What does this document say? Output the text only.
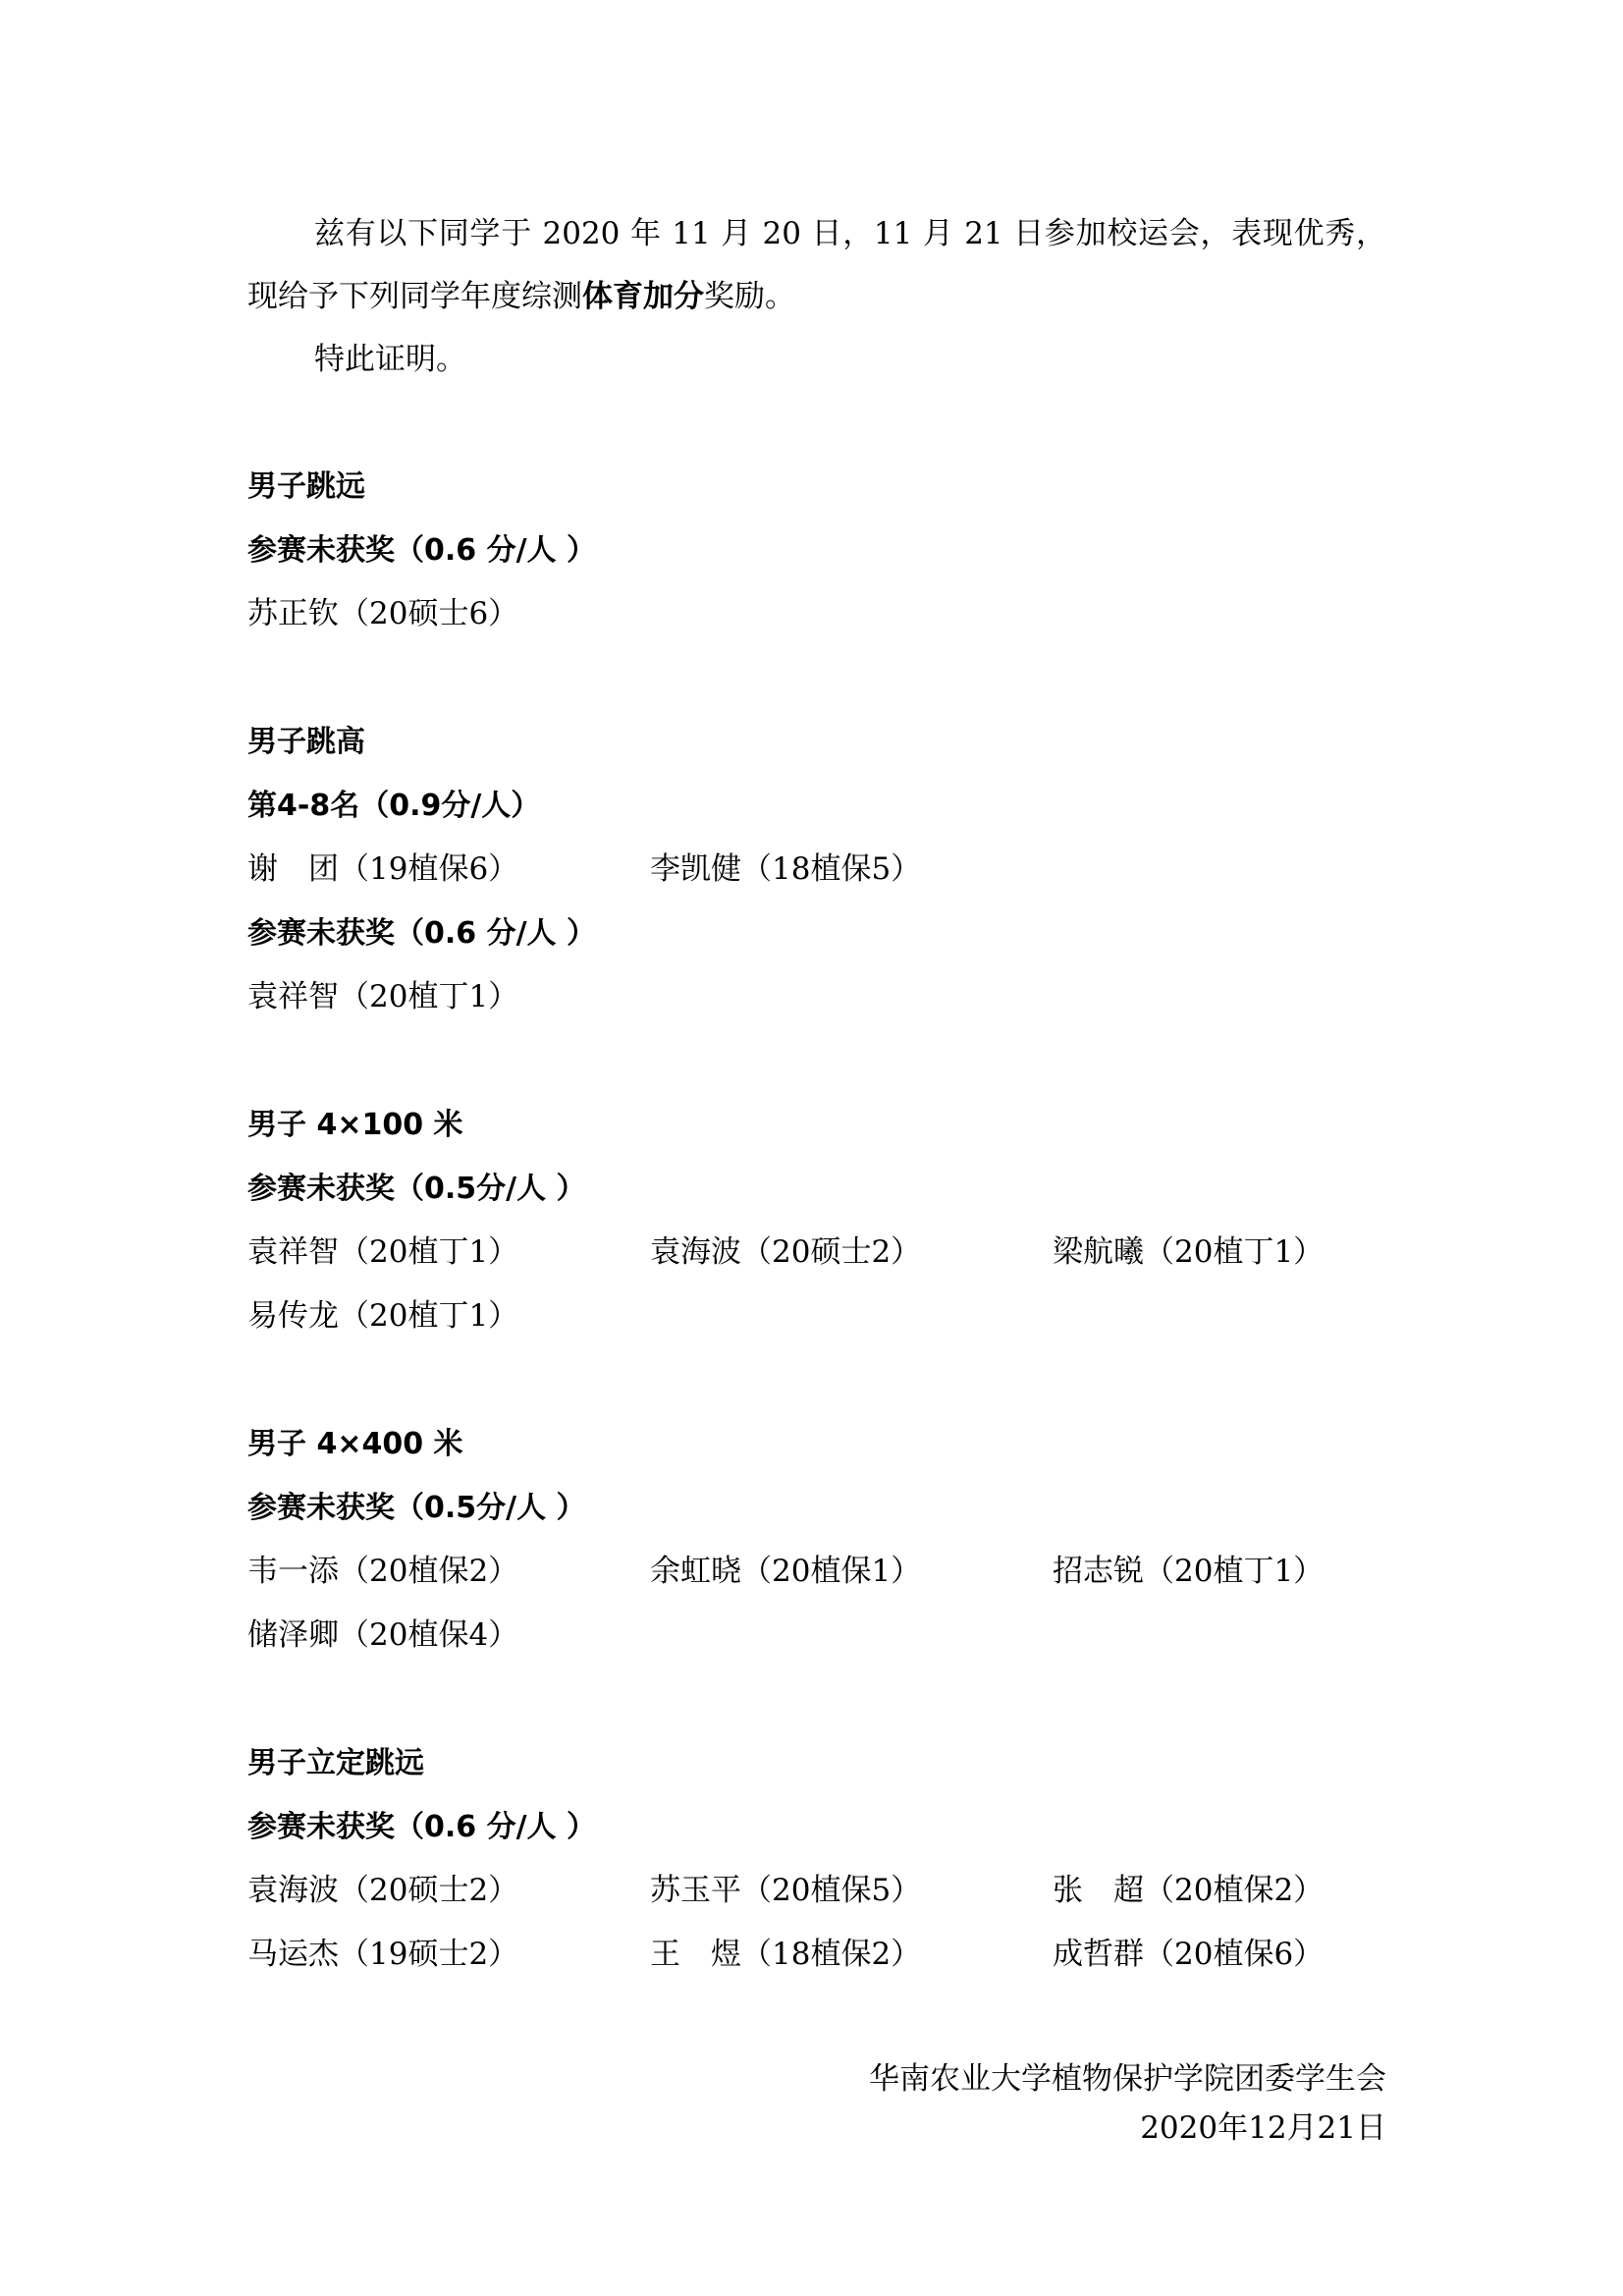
兹有以下同学于 2020 年 11 月 20 日，11 月 21 日参加校运会，表现优秀，现给予下列同学年度综测体育加分奖励。

特此证明。

男子跳远

参赛未获奖（0.6 分/人 ）

苏正钦（20硕士6）

男子跳高

第4-8名（0.9分/人）

谢　团（19植保6）	李凯健（18植保5）

参赛未获奖（0.6 分/人 ）

袁祥智（20植丁1）

男子 4×100 米

参赛未获奖（0.5分/人 ）

袁祥智（20植丁1）	袁海波（20硕士2）	梁航曦（20植丁1）
易传龙（20植丁1）

男子 4×400 米

参赛未获奖（0.5分/人 ）

韦一添（20植保2）	余虹晓（20植保1）	招志锐（20植丁1）
储泽卿（20植保4）

男子立定跳远

参赛未获奖（0.6 分/人 ）

袁海波（20硕士2）	苏玉平（20植保5）	张　超（20植保2）
马运杰（19硕士2）	王　煜（18植保2）	成哲群（20植保6）
华南农业大学植物保护学院团委学生会
2020年12月21日
